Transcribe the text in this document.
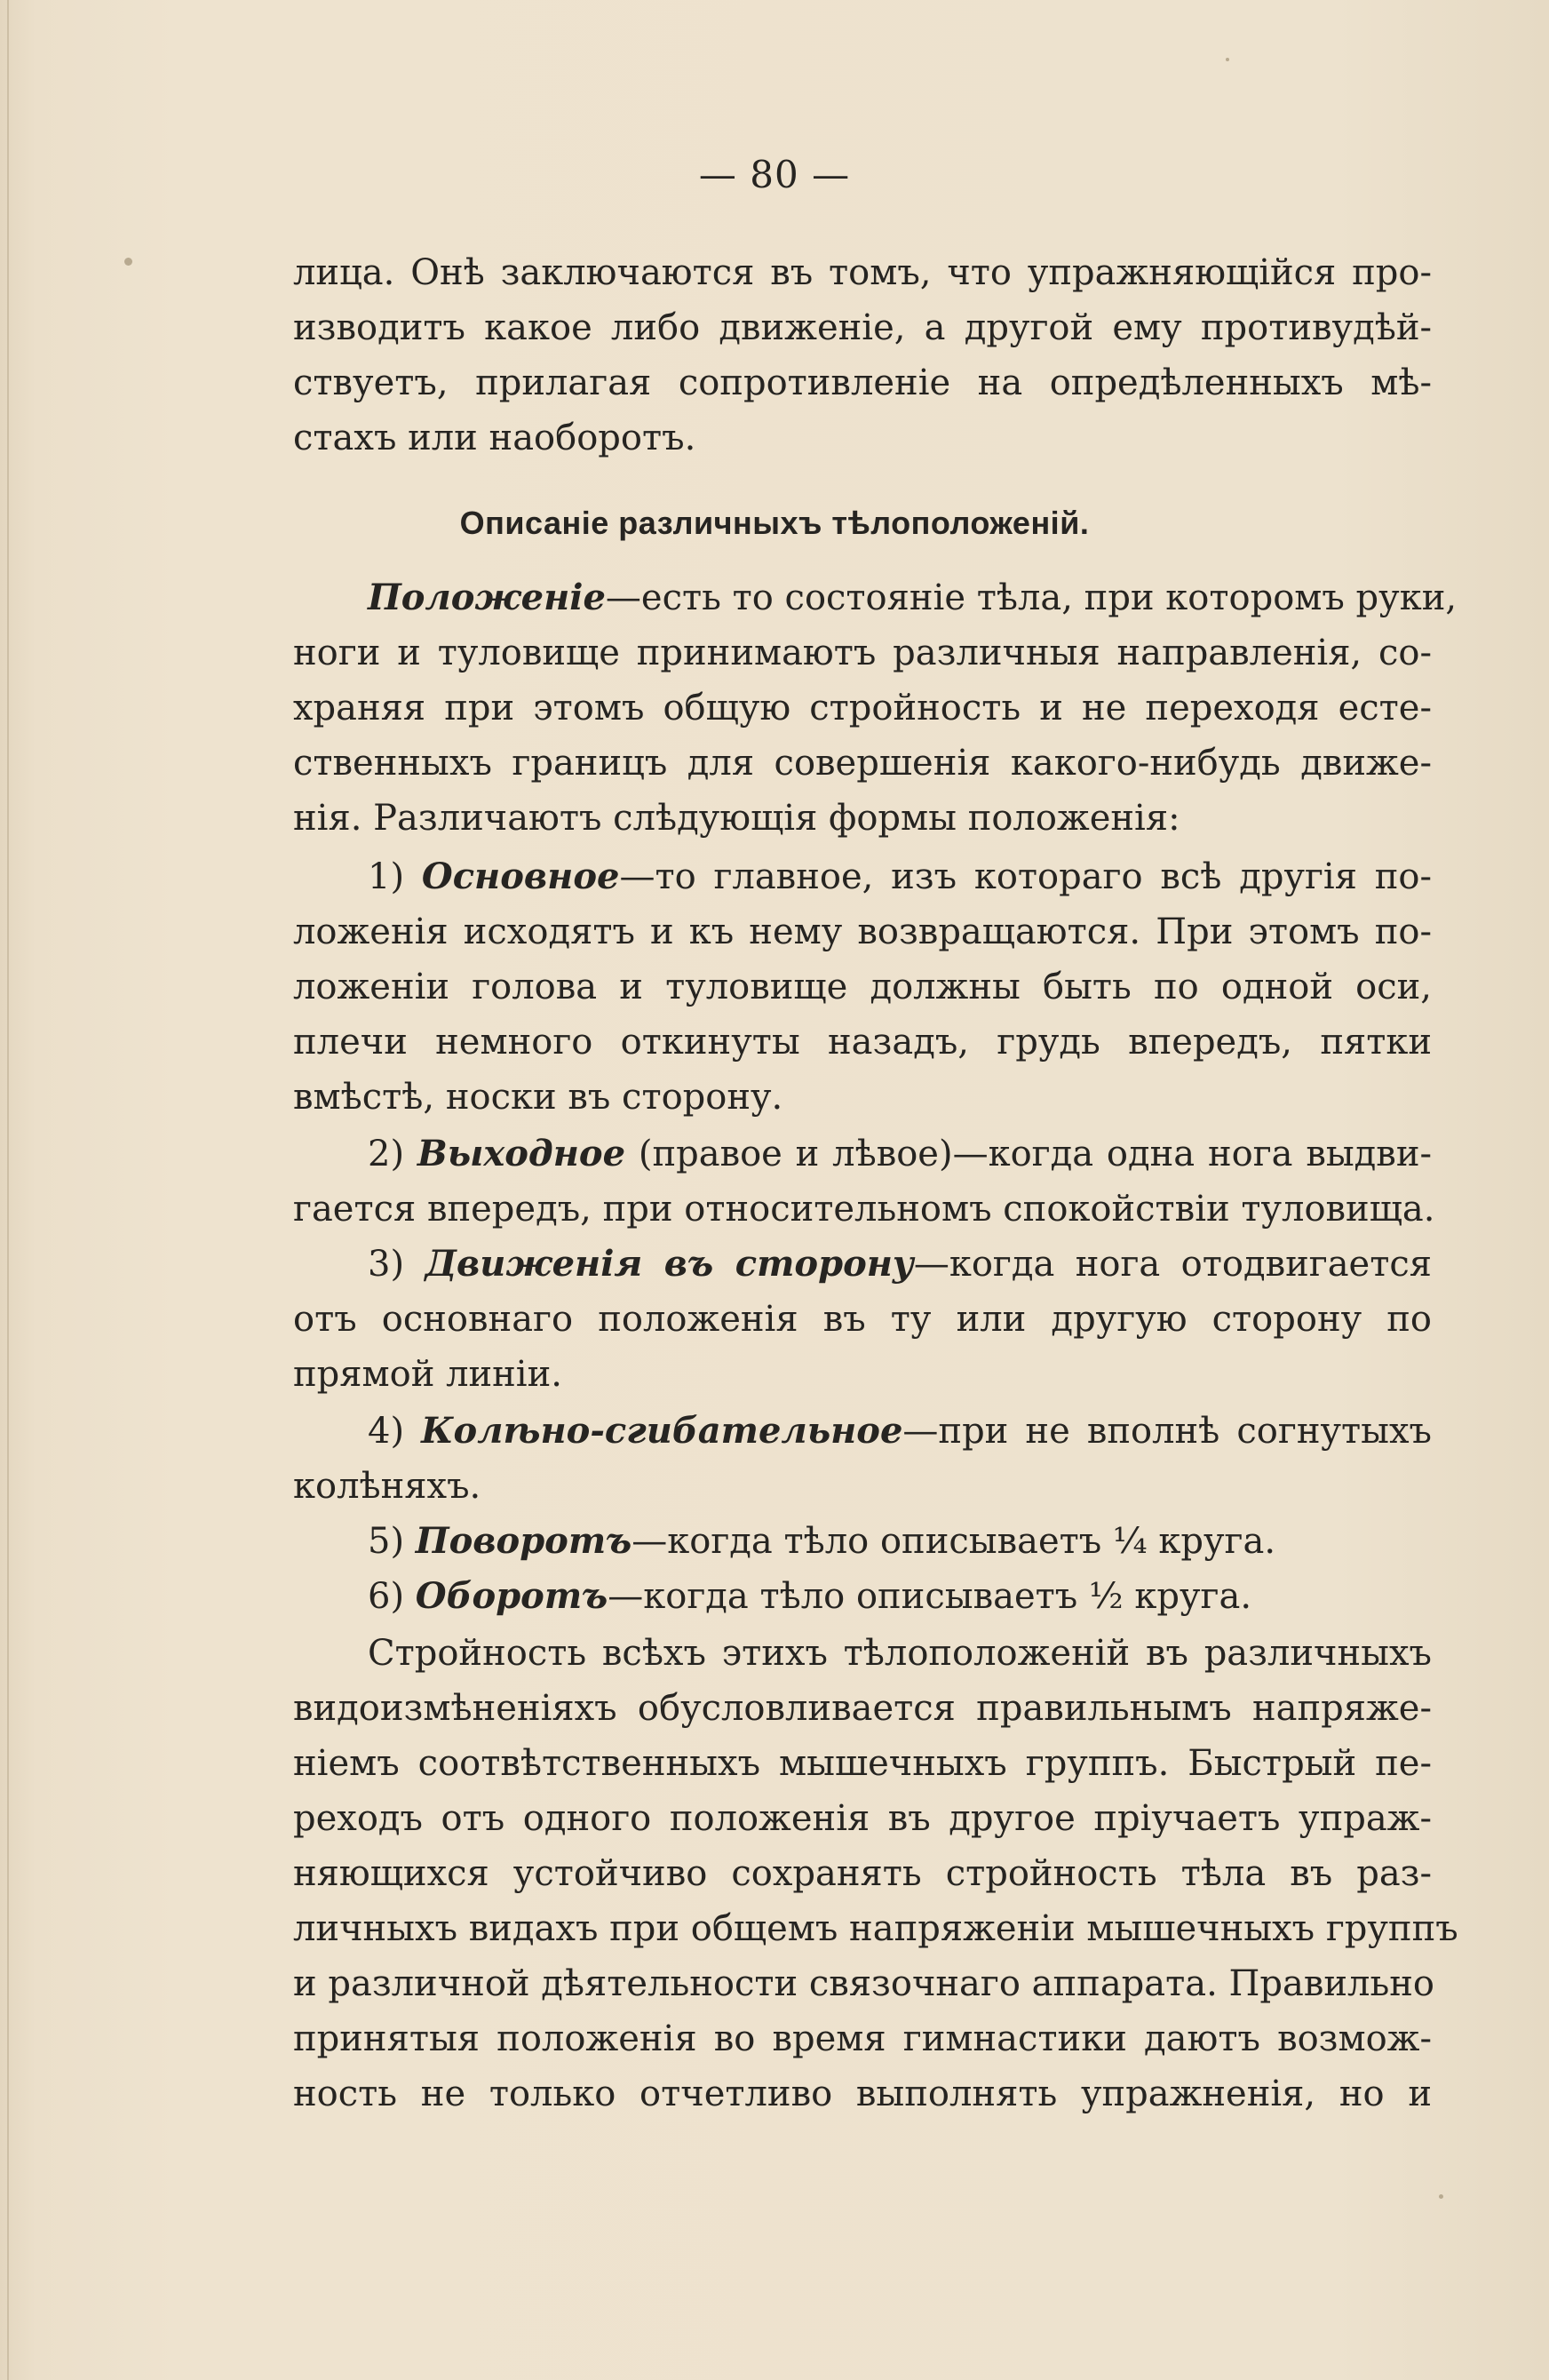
— 80 —
лица. Онѣ заключаются въ томъ, что упражняющійся про-
изводитъ какое либо движеніе, а другой ему противудѣй-
ствуетъ, прилагая сопротивленіе на опредѣленныхъ мѣ-
стахъ или наоборотъ.
Описаніе различныхъ тѣлоположеній.
Положеніе—есть то состояніе тѣла, при которомъ руки,
ноги и туловище принимаютъ различныя направленія, со-
храняя при этомъ общую стройность и не переходя есте-
ственныхъ границъ для совершенія какого-нибудь движе-
нія. Различаютъ слѣдующія формы положенія:
1) Основное—то главное, изъ котораго всѣ другія по-
ложенія исходятъ и къ нему возвращаются. При этомъ по-
ложеніи голова и туловище должны быть по одной оси,
плечи немного откинуты назадъ, грудь впередъ, пятки
вмѣстѣ, носки въ сторону.
2) Выходное (правое и лѣвое)—когда одна нога выдви-
гается впередъ, при относительномъ спокойствіи туловища.
3) Движенія въ сторону—когда нога отодвигается
отъ основнаго положенія въ ту или другую сторону по
прямой линіи.
4) Колѣно-сгибательное—при не вполнѣ согнутыхъ
колѣняхъ.
5) Поворотъ—когда тѣло описываетъ ¼ круга.
6) Оборотъ—когда тѣло описываетъ ½ круга.
Стройность всѣхъ этихъ тѣлоположеній въ различныхъ
видоизмѣненіяхъ обусловливается правильнымъ напряже-
ніемъ соотвѣтственныхъ мышечныхъ группъ. Быстрый пе-
реходъ отъ одного положенія въ другое пріучаетъ упраж-
няющихся устойчиво сохранять стройность тѣла въ раз-
личныхъ видахъ при общемъ напряженіи мышечныхъ группъ
и различной дѣятельности связочнаго аппарата. Правильно
принятыя положенія во время гимнастики даютъ возмож-
ность не только отчетливо выполнять упражненія, но и
